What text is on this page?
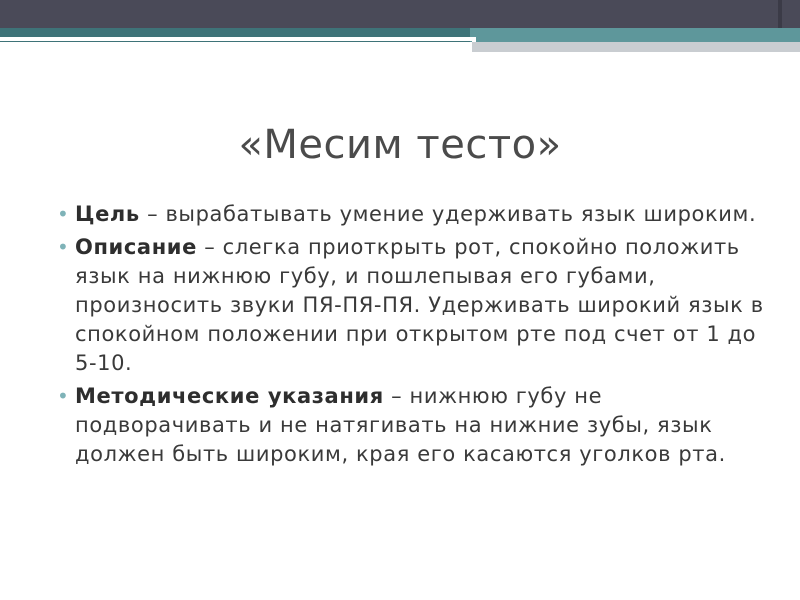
«Месим тесто»
• Цель – вырабатывать умение удерживать язык широким.
• Описание – слегка приоткрыть рот, спокойно положить язык на нижнюю губу, и пошлепывая его губами, произносить звуки ПЯ-ПЯ-ПЯ. Удерживать широкий язык в спокойном положении при открытом рте под счет от 1 до 5-10.
• Методические указания – нижнюю губу не подворачивать и не натягивать на нижние зубы, язык должен быть широким, края его касаются уголков рта.
